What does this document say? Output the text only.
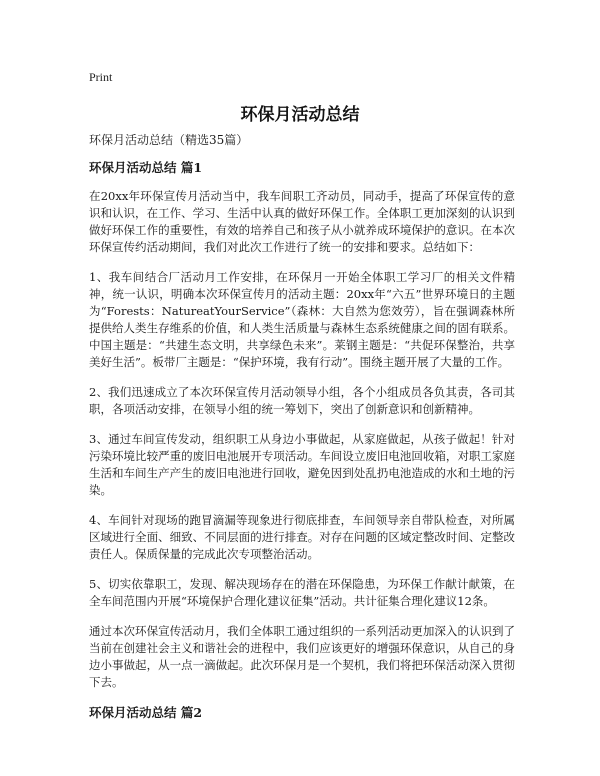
Print
环保月活动总结

环保月活动总结（精选35篇）

环保月活动总结 篇1

在20xx年环保宣传月活动当中，我车间职工齐动员，同动手，提高了环保宣传的意识和认识，在工作、学习、生活中认真的做好环保工作。全体职工更加深刻的认识到做好环保工作的重要性，有效的培养自己和孩子从小就养成环境保护的意识。在本次环保宣传约活动期间，我们对此次工作进行了统一的安排和要求。总结如下：

1、我车间结合厂活动月工作安排，在环保月一开始全体职工学习厂的相关文件精神，统一认识，明确本次环保宣传月的活动主题：20xx年“六五”世界环境日的主题为“Forests：NatureatYourService”（森林：大自然为您效劳），旨在强调森林所提供给人类生存维系的价值，和人类生活质量与森林生态系统健康之间的固有联系。中国主题是：“共建生态文明，共享绿色未来”。莱钢主题是：“共促环保整治，共享美好生活”。板带厂主题是：“保护环境，我有行动”。围绕主题开展了大量的工作。

2、我们迅速成立了本次环保宣传月活动领导小组，各个小组成员各负其责，各司其职，各项活动安排，在领导小组的统一筹划下，突出了创新意识和创新精神。

3、通过车间宣传发动，组织职工从身边小事做起，从家庭做起，从孩子做起！针对污染环境比较严重的废旧电池展开专项活动。车间设立废旧电池回收箱，对职工家庭生活和车间生产产生的废旧电池进行回收，避免因到处乱扔电池造成的水和土地的污染。

4、车间针对现场的跑冒滴漏等现象进行彻底排查，车间领导亲自带队检查，对所属区域进行全面、细致、不同层面的进行排查。对存在问题的区域定整改时间、定整改责任人。保质保量的完成此次专项整治活动。

5、切实依靠职工，发现、解决现场存在的潜在环保隐患，为环保工作献计献策，在全车间范围内开展“环境保护合理化建议征集”活动。共计征集合理化建议12条。

通过本次环保宣传活动月，我们全体职工通过组织的一系列活动更加深入的认识到了当前在创建社会主义和谐社会的进程中，我们应该更好的增强环保意识，从自己的身边小事做起，从一点一滴做起。此次环保月是一个契机，我们将把环保活动深入贯彻下去。

环保月活动总结 篇2
